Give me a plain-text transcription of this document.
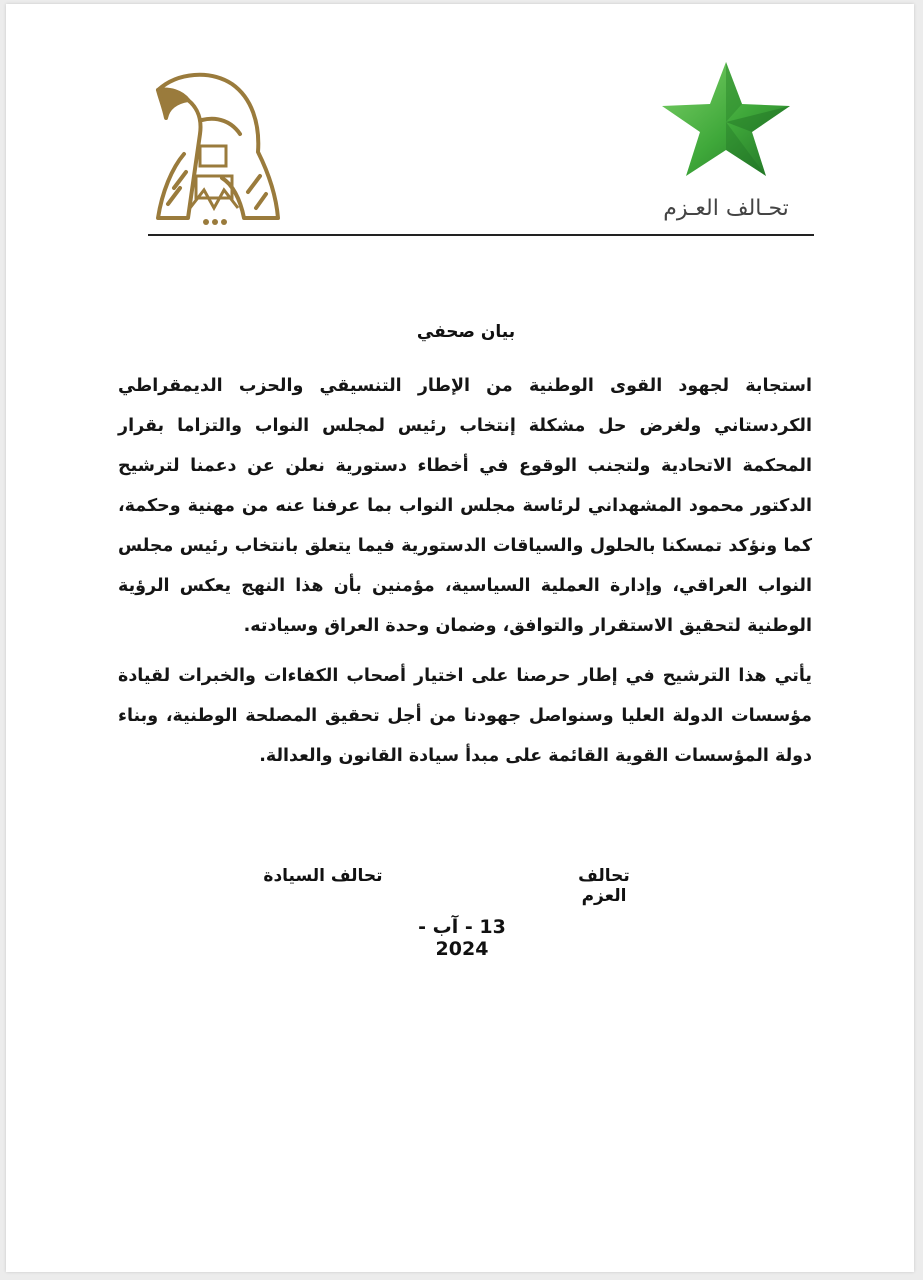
تحـالف العـزم
بيان صحفي

استجابة لجهود القوى الوطنية من الإطار التنسيقي والحزب الديمقراطي الكردستاني ولغرض حل مشكلة إنتخاب رئيس لمجلس النواب والتزاما بقرار المحكمة الاتحادية ولتجنب الوقوع في أخطاء دستورية نعلن عن دعمنا لترشيح الدكتور محمود المشهداني لرئاسة مجلس النواب بما عرفنا عنه من مهنية وحكمة، كما ونؤكد تمسكنا بالحلول والسياقات الدستورية فيما يتعلق بانتخاب رئيس مجلس النواب العراقي، وإدارة العملية السياسية، مؤمنين بأن هذا النهج يعكس الرؤية الوطنية لتحقيق الاستقرار والتوافق، وضمان وحدة العراق وسيادته.

يأتي هذا الترشيح في إطار حرصنا على اختيار أصحاب الكفاءات والخبرات لقيادة مؤسسات الدولة العليا وسنواصل جهودنا من أجل تحقيق المصلحة الوطنية، وبناء دولة المؤسسات القوية القائمة على مبدأ سيادة القانون والعدالة.

تحالف العزم
تحالف السيادة
13 - آب - 2024
